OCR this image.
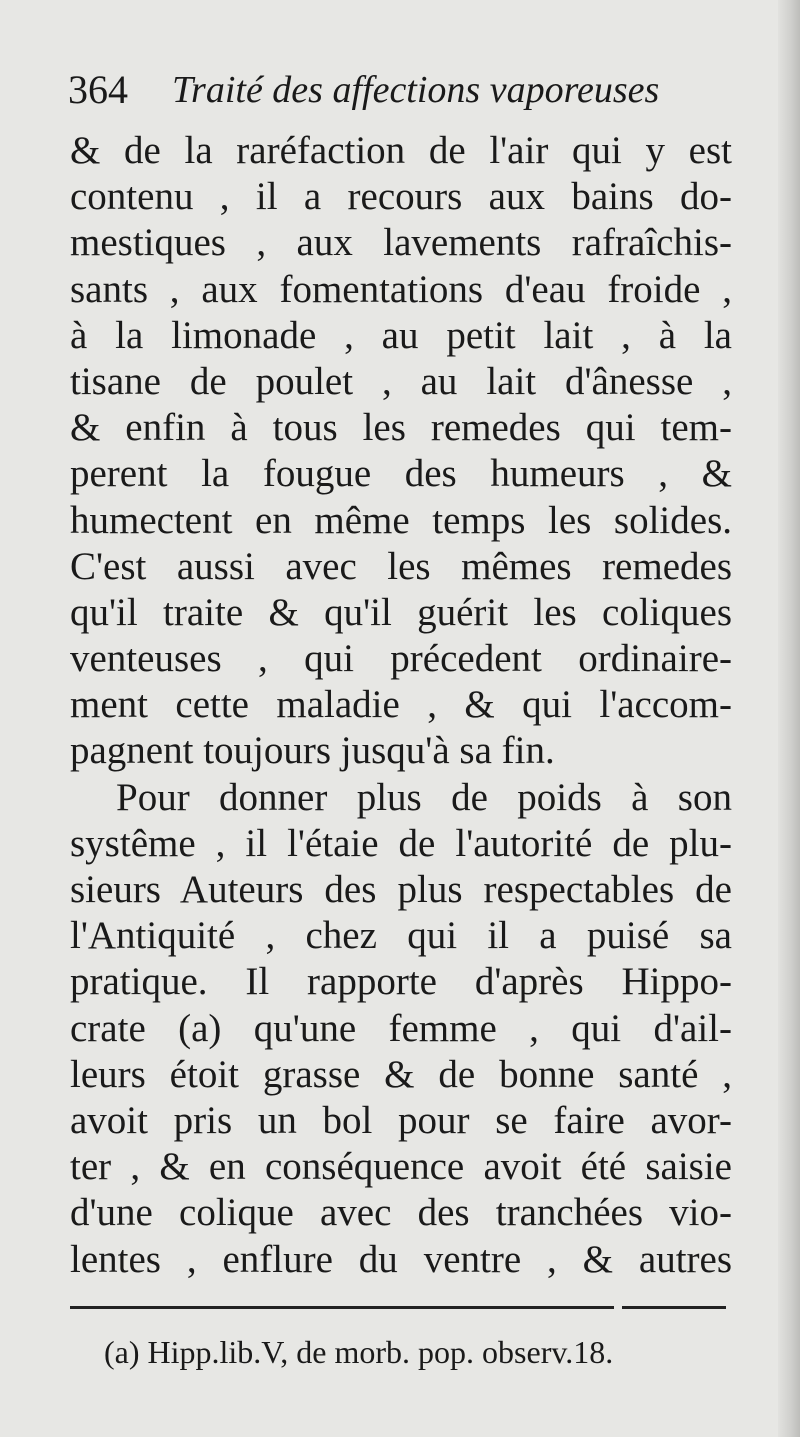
364 Traité des affections vaporeuses
& de la raréfaction de l'air qui y est
contenu , il a recours aux bains do-
mestiques , aux lavements rafraîchis-
sants , aux fomentations d'eau froide ,
à la limonade , au petit lait , à la
tisane de poulet , au lait d'ânesse ,
& enfin à tous les remedes qui tem-
perent la fougue des humeurs , &
humectent en même temps les solides.
C'est aussi avec les mêmes remedes
qu'il traite & qu'il guérit les coliques
venteuses , qui précedent ordinaire-
ment cette maladie , & qui l'accom-
pagnent toujours jusqu'à sa fin.
Pour donner plus de poids à son
systême , il l'étaie de l'autorité de plu-
sieurs Auteurs des plus respectables de
l'Antiquité , chez qui il a puisé sa
pratique. Il rapporte d'après Hippo-
crate (a) qu'une femme , qui d'ail-
leurs étoit grasse & de bonne santé ,
avoit pris un bol pour se faire avor-
ter , & en conséquence avoit été saisie
d'une colique avec des tranchées vio-
lentes , enflure du ventre , & autres
(a) Hipp.lib.V, de morb. pop. observ.18.
